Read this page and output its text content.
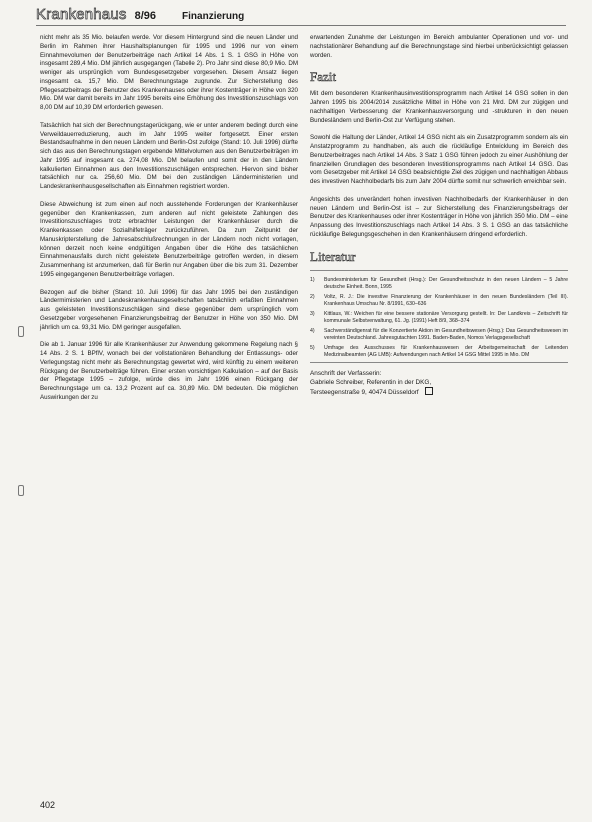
Krankenhaus 8/96	Finanzierung

nicht mehr als 35 Mio. belaufen werde. Vor diesem Hintergrund sind die neuen Länder und Berlin im Rahmen ihrer Haushaltsplanungen für 1995 und 1996 nur von einem Einnahmevolumen der Benutzerbeiträge nach Artikel 14 Abs. 1 S. 1 GSG in Höhe von insgesamt 289,4 Mio. DM jährlich ausgegangen (Tabelle 2). Pro Jahr sind diese 80,9 Mio. DM weniger als ursprünglich vom Bundesgesetzgeber vorgesehen. Diesem Ansatz liegen insgesamt ca. 15,7 Mio. DM Berechnungstage zugrunde. Zur Sicherstellung des Pflegesatzbeitrags der Benutzer des Krankenhauses oder ihrer Kostenträger in Höhe von 320 Mio. DM war damit bereits im Jahr 1995 bereits eine Erhöhung des Investitionszuschlags von 8,00 DM auf 10,39 DM erforderlich gewesen.

Tatsächlich hat sich der Berechnungstagerückgang, wie er unter anderem bedingt durch eine Verweildauerreduzierung, auch im Jahr 1995 weiter fortgesetzt. Einer ersten Bestandsaufnahme in den neuen Ländern und Berlin-Ost zufolge (Stand: 10. Juli 1996) dürfte sich das aus den Berechnungstagen ergebende Mittelvolumen aus den Benutzerbeiträgen im Jahr 1995 auf insgesamt ca. 274,08 Mio. DM belaufen und somit der in den Ländern kalkulierten Einnahmen aus den Investitionszuschlägen entsprechen. Hiervon sind bisher tatsächlich nur ca. 256,60 Mio. DM bei den zuständigen Länderministerien und Landeskrankenhausgesellschaften als Einnahmen registriert worden.

Diese Abweichung ist zum einen auf noch ausstehende Forderungen der Krankenhäuser gegenüber den Krankenkassen, zum anderen auf nicht geleistete Zahlungen des Investitionszuschlages trotz erbrachter Leistungen der Krankenhäuser durch die Krankenkassen oder Sozialhilfeträger zurückzuführen. Da zum Zeitpunkt der Manuskripterstellung die Jahresabschlußrechnungen in der Ländern noch nicht vorlagen, können derzeit noch keine endgültigen Angaben über die Höhe des tatsächlichen Einnahmenausfalls durch nicht geleistete Benutzerbeiträge getroffen werden, in diesem Zusammenhang ist anzumerken, daß für Berlin nur Angaben über die bis zum 31. Dezember 1995 eingegangenen Benutzerbeiträge vorlagen.

Bezogen auf die bisher (Stand: 10. Juli 1996) für das Jahr 1995 bei den zuständigen Ländermimisterien und Landeskrankenhausgesellschaften tatsächlich erfaßten Einnahmen aus geleisteten Investitionszuschlägen sind diese gegenüber dem ursprünglich vom Gesetzgeber vorgesehenen Finanzierungsbeitrag der Benutzer in Höhe von 350 Mio. DM jährlich um ca. 93,31 Mio. DM geringer ausgefallen.

Die ab 1. Januar 1996 für alle Krankenhäuser zur Anwendung gekommene Regelung nach § 14 Abs. 2 S. 1 BPflV, wonach bei der vollstationären Behandlung der Entlassungs- oder Verlegungstag nicht mehr als Berechnungstag gewertet wird, wird künftig zu einem weiteren Rückgang der Benutzerbeiträge führen. Einer ersten vorsichtigen Kalkulation – auf der Basis der Pflegetage 1995 – zufolge, würde dies im Jahr 1996 einen Rückgang der Berechnungstage um ca. 13,2 Prozent auf ca. 30,89 Mio. DM bedeuten. Die möglichen Auswirkungen der zu

erwartenden Zunahme der Leistungen im Bereich ambulanter Operationen und vor- und nachstationärer Behandlung auf die Berechnungstage sind hierbei unberücksichtigt gelassen worden.

Fazit

Mit dem besonderen Krankenhausinvestitionsprogramm nach Artikel 14 GSG sollen in den Jahren 1995 bis 2004/2014 zusätzliche Mittel in Höhe von 21 Mrd. DM zur zügigen und nachhaltigen Verbesserung der Krankenhausversorgung und -strukturen in den neuen Bundesländern und Berlin-Ost zur Verfügung stehen.

Sowohl die Haltung der Länder, Artikel 14 GSG nicht als ein Zusatzprogramm sondern als ein Anstatzprogramm zu handhaben, als auch die rückläufige Entwicklung im Bereich des Benutzerbeitrages nach Artikel 14 Abs. 3 Satz 1 GSG führen jedoch zu einer Aushöhlung der finanziellen Grundlagen des besonderen Investitionsprogramms nach Artikel 14 GSG. Das vom Gesetzgeber mit Artikel 14 GSG beabsichtigte Ziel des zügigen und nachhaltigen Abbaus des investiven Nachholbedarfs bis zum Jahr 2004 dürfte somit nur schwerlich erreichbar sein.

Angesichts des unverändert hohen investiven Nachholbedarfs der Krankenhäuser in den neuen Ländern und Berlin-Ost ist – zur Sicherstellung des Finanzierungsbeitrags der Benutzer des Krankenhauses oder ihrer Kostenträger in Höhe von jährlich 350 Mio. DM – eine Anpassung des Investitionszuschlags nach Artikel 14 Abs. 3 S. 1 GSG an das tatsächliche rückläufige Belegungsgeschehen in den Krankenhäusern dringend erforderlich.

Literatur
1)	Bundesministerium für Gesundheit (Hrsg.): Der Gesundheitsschutz in den neuen Ländern – 5 Jahre deutsche Einheit. Bonn, 1995
2)	Voltz, R. J.: Die investive Finanzierung der Krankenhäuser in den neuen Bundesländern (Teil III). Krankenhaus Umschau Nr. 8/1991, 630–636
3)	Kittlaus, W.: Weichen für eine bessere stationäre Versorgung gestellt. In: Der Landkreis – Zeitschrift für kommunale Selbstverwaltung, 61. Jg. (1991) Heft 8/9, 368–374
4)	Sachverständigenrat für die Konzertierte Aktion im Gesundheitswesen (Hrsg.): Das Gesundheitswesen im vereinten Deutschland. Jahresgutachten 1991. Baden-Baden, Nomos Verlagsgesellschaft
5)	Umfrage des Ausschusses für Krankenhauswesen der Arbeitsgemeinschaft der Leitenden Medizinalbeamten (AG LMB): Aufwendungen nach Artikel 14 GSG Mittel 1995 in Mio. DM
Anschrift der Verfasserin:
Gabriele Schreiber, Referentin in der DKG,
Tersteegenstraße 9, 40474 Düsseldorf
402
